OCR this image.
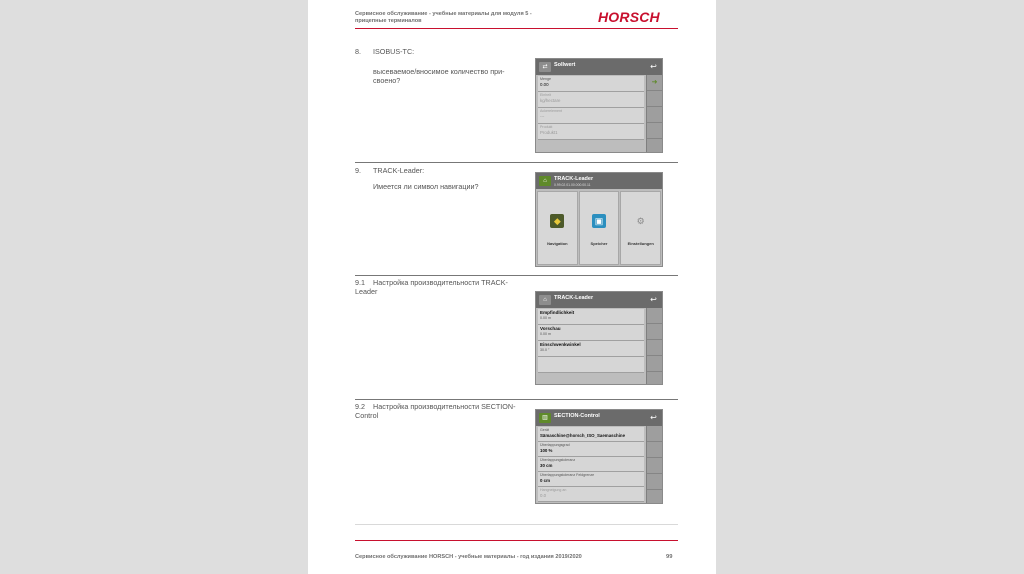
Сервисное обслуживание - учебные материалы для модуля 5 - прицепные терминалов	HORSCH
8. ISOBUS-TC:
высеваемое/вносимое количество при-своено?
⇄	Sollwert	↩
Menge
0.00
Einheit
kg/hectare
Ackerelement
---
Produkt
Produkt1
➜
9. TRACK-Leader:
Имеется ли символ навигации?
⌂	TRACK-Leader
0.99.02.01.00.000.00.11
◆
Navigation
▣
Speicher
⚙
Einstellungen
9.1 Настройка производительности TRACK-Leader
⌂	TRACK-Leader	↩
Empfindlichkeit
0.00 m
Vorschau
0.00 m
Einschwenkwinkel
30.0 °
9.2 Настройка производительности SECTION-Control	▥	SECTION-Control	↩
Gerät
Sämaschine@horsch_ISO_Saemaschine
Überlappungsgrad
100 %
Überlappungstoleranz
30 cm
Überlappungstoleranz Feldgrenze
0 cm
Hangneigung an
0.0
Сервисное обслуживание HORSCH - учебные материалы - год издания 2019/2020	99
